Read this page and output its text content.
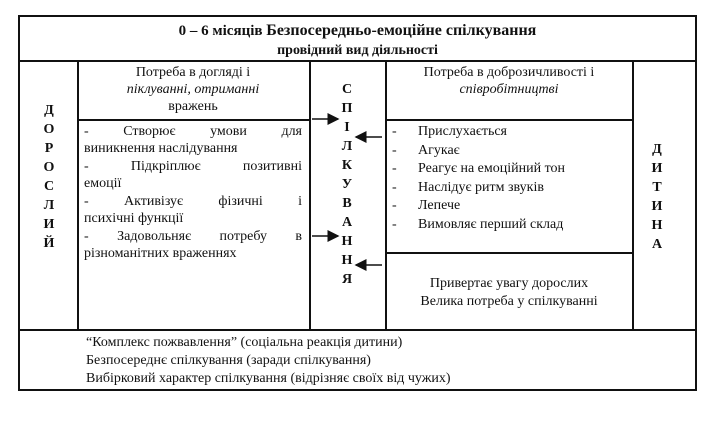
0 – 6 місяців Безпосередньо-емоційне спілкування
провідний вид діяльності
Д
О
Р
О
С
Л
И
Й
Д
И
Т
И
Н
А
С
П
І
Л
К
У
В
А
Н
Н
Я
Потреба в догляді і
піклуванні, отриманні
вражень
- Створює умови для
виникнення наслідування
- Підкріплює позитивні
емоції
- Активізує фізичні і
психічні функції
- Задовольняє потребу в
різноманітних враженнях
Потреба в доброзичливості і
співробітництві
- Прислухається
- Агукає
- Реагує на емоційний тон
- Наслідує ритм звуків
- Лепече
- Вимовляє перший склад
Привертає увагу дорослих
Велика потреба у спілкуванні
“Комплекс пожвавлення” (соціальна реакція дитини)
Безпосереднє спілкування (заради спілкування)
Вибірковий характер спілкування (відрізняє своїх від чужих)
